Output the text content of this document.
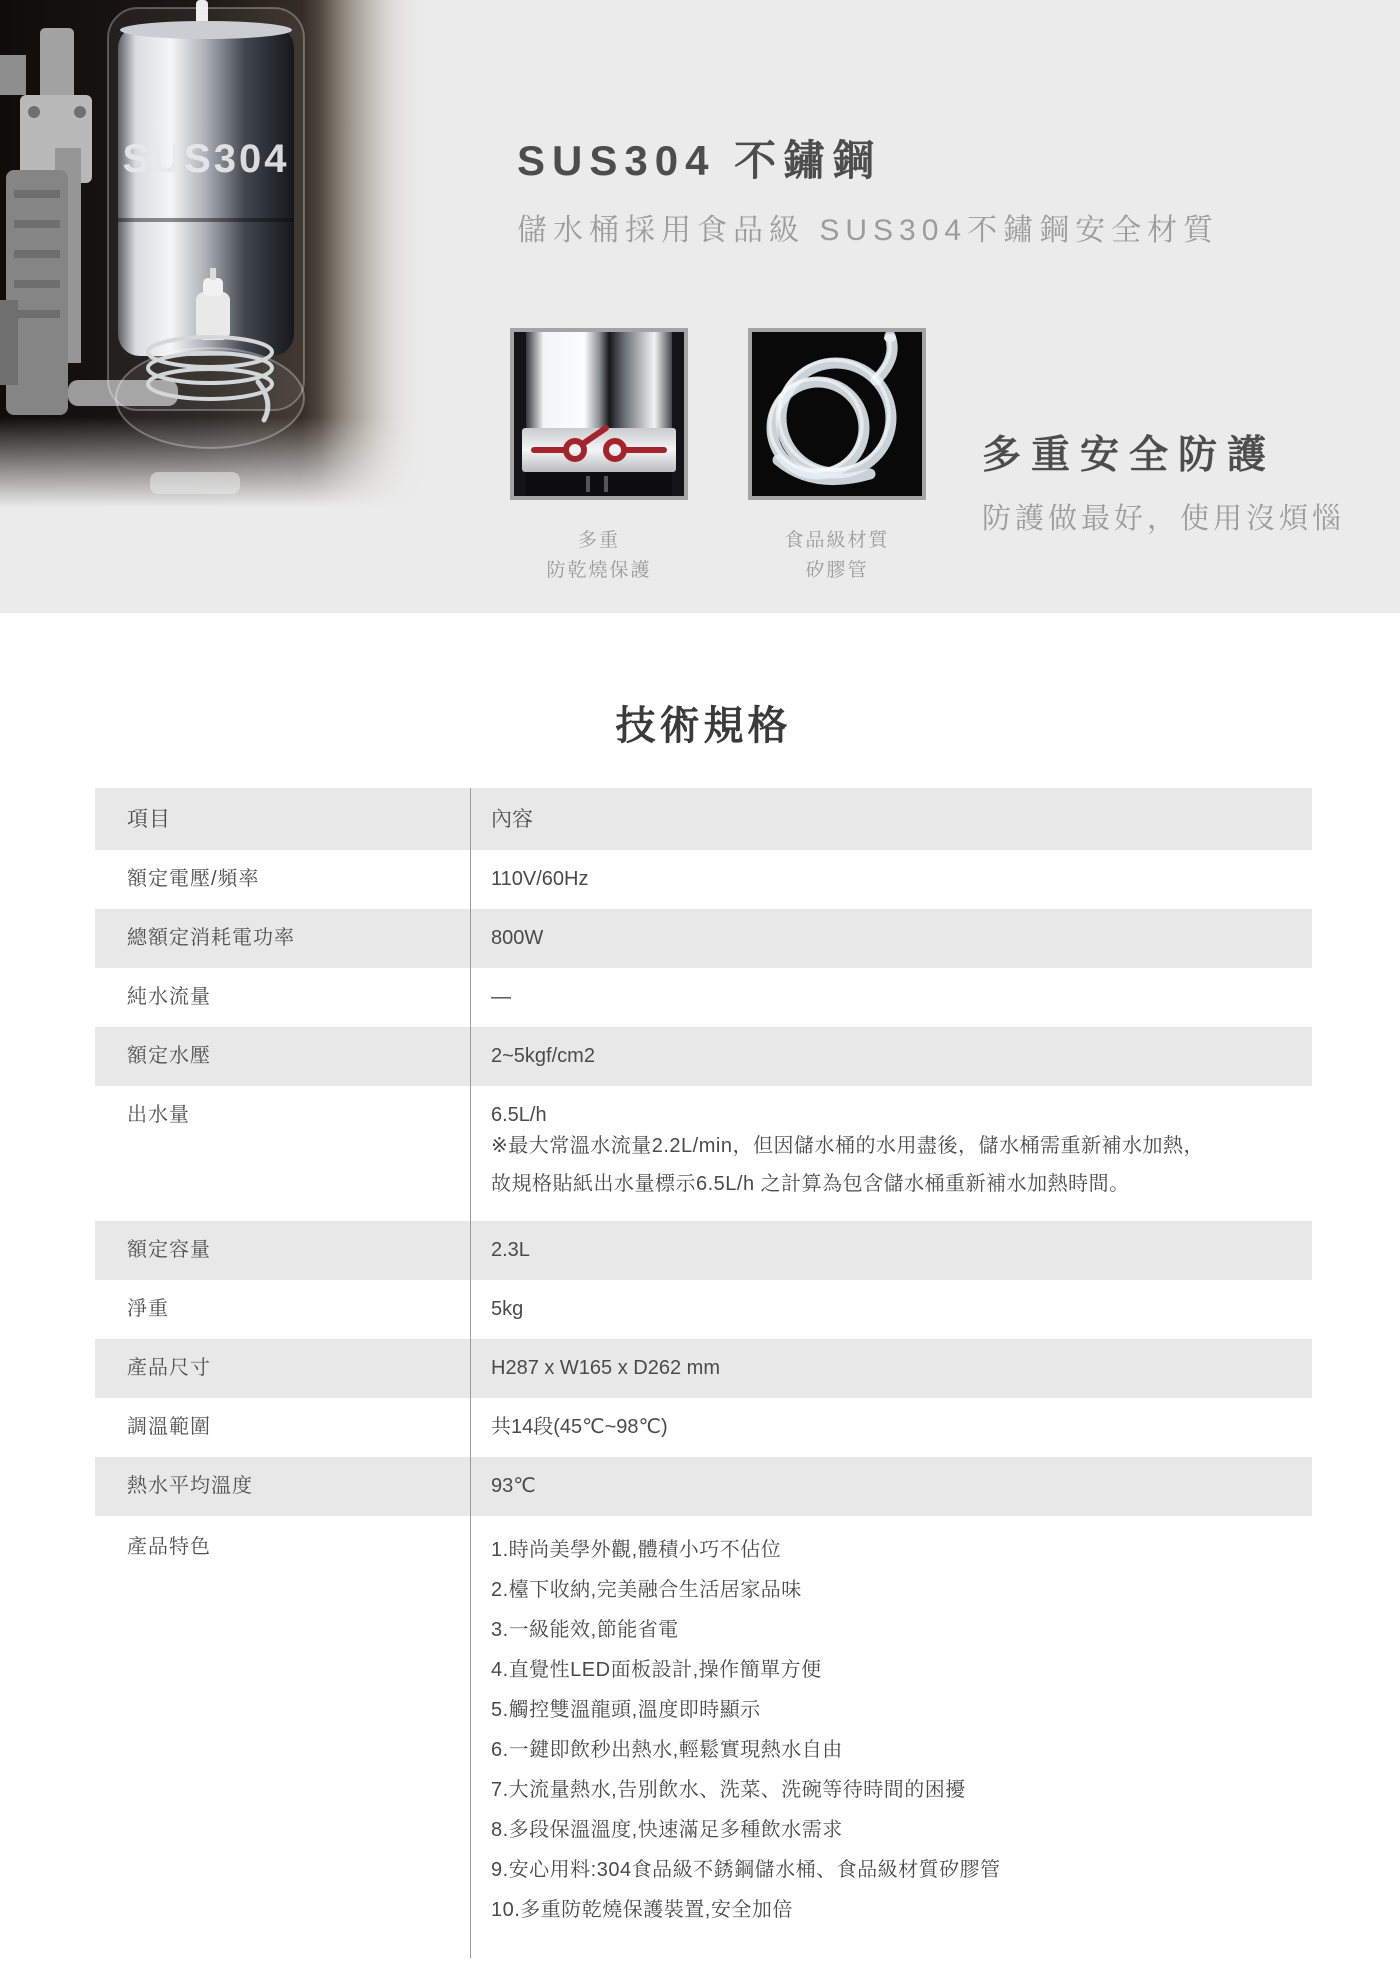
SUS304	SUS304 不鏽鋼
儲水桶採用食品級 SUS304不鏽鋼安全材質
多重
防乾燒保護
食品級材質
矽膠管
多重安全防護
防護做最好，使用沒煩惱
技術規格
項目	內容
額定電壓/頻率	110V/60Hz
總額定消耗電功率	800W
純水流量	—
額定水壓	2~5kgf/cm2
出水量	6.5L/h
※最大常溫水流量2.2L/min，但因儲水桶的水用盡後，儲水桶需重新補水加熱，
故規格貼紙出水量標示6.5L/h 之計算為包含儲水桶重新補水加熱時間。
額定容量	2.3L
淨重	5kg
產品尺寸	H287 x W165 x D262 mm
調溫範圍	共14段(45℃~98℃)
熱水平均溫度	93℃
產品特色	1.時尚美學外觀,體積小巧不佔位
2.檯下收納,完美融合生活居家品味
3.一級能效,節能省電
4.直覺性LED面板設計,操作簡單方便
5.觸控雙溫龍頭,溫度即時顯示
6.一鍵即飲秒出熱水,輕鬆實現熱水自由
7.大流量熱水,告別飲水、洗菜、洗碗等待時間的困擾
8.多段保溫溫度,快速滿足多種飲水需求
9.安心用料:304食品級不銹鋼儲水桶、食品級材質矽膠管
10.多重防乾燒保護裝置,安全加倍
